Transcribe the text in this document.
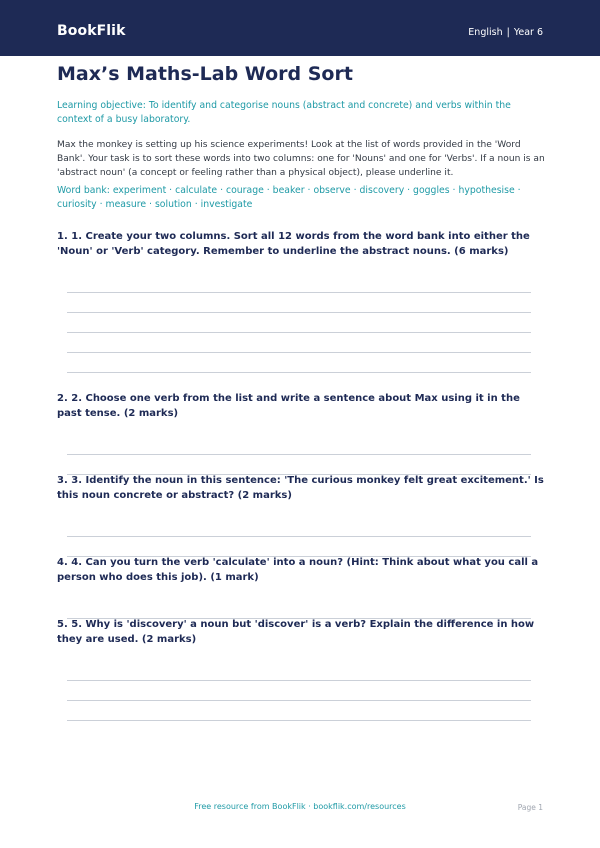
BookFlik	English | Year 6
Max’s Maths-Lab Word Sort
Learning objective: To identify and categorise nouns (abstract and concrete) and verbs within the context of a busy laboratory.
Max the monkey is setting up his science experiments! Look at the list of words provided in the 'Word Bank'. Your task is to sort these words into two columns: one for 'Nouns' and one for 'Verbs'. If a noun is an 'abstract noun' (a concept or feeling rather than a physical object), please underline it.
Word bank: experiment · calculate · courage · beaker · observe · discovery · goggles · hypothesise · curiosity · measure · solution · investigate
1. 1. Create your two columns. Sort all 12 words from the word bank into either the 'Noun' or 'Verb' category. Remember to underline the abstract nouns. (6 marks)
2. 2. Choose one verb from the list and write a sentence about Max using it in the past tense. (2 marks)
3. 3. Identify the noun in this sentence: 'The curious monkey felt great excitement.' Is this noun concrete or abstract? (2 marks)
4. 4. Can you turn the verb 'calculate' into a noun? (Hint: Think about what you call a person who does this job). (1 mark)
5. 5. Why is 'discovery' a noun but 'discover' is a verb? Explain the difference in how they are used. (2 marks)
Free resource from BookFlik · bookflik.com/resources	Page 1
